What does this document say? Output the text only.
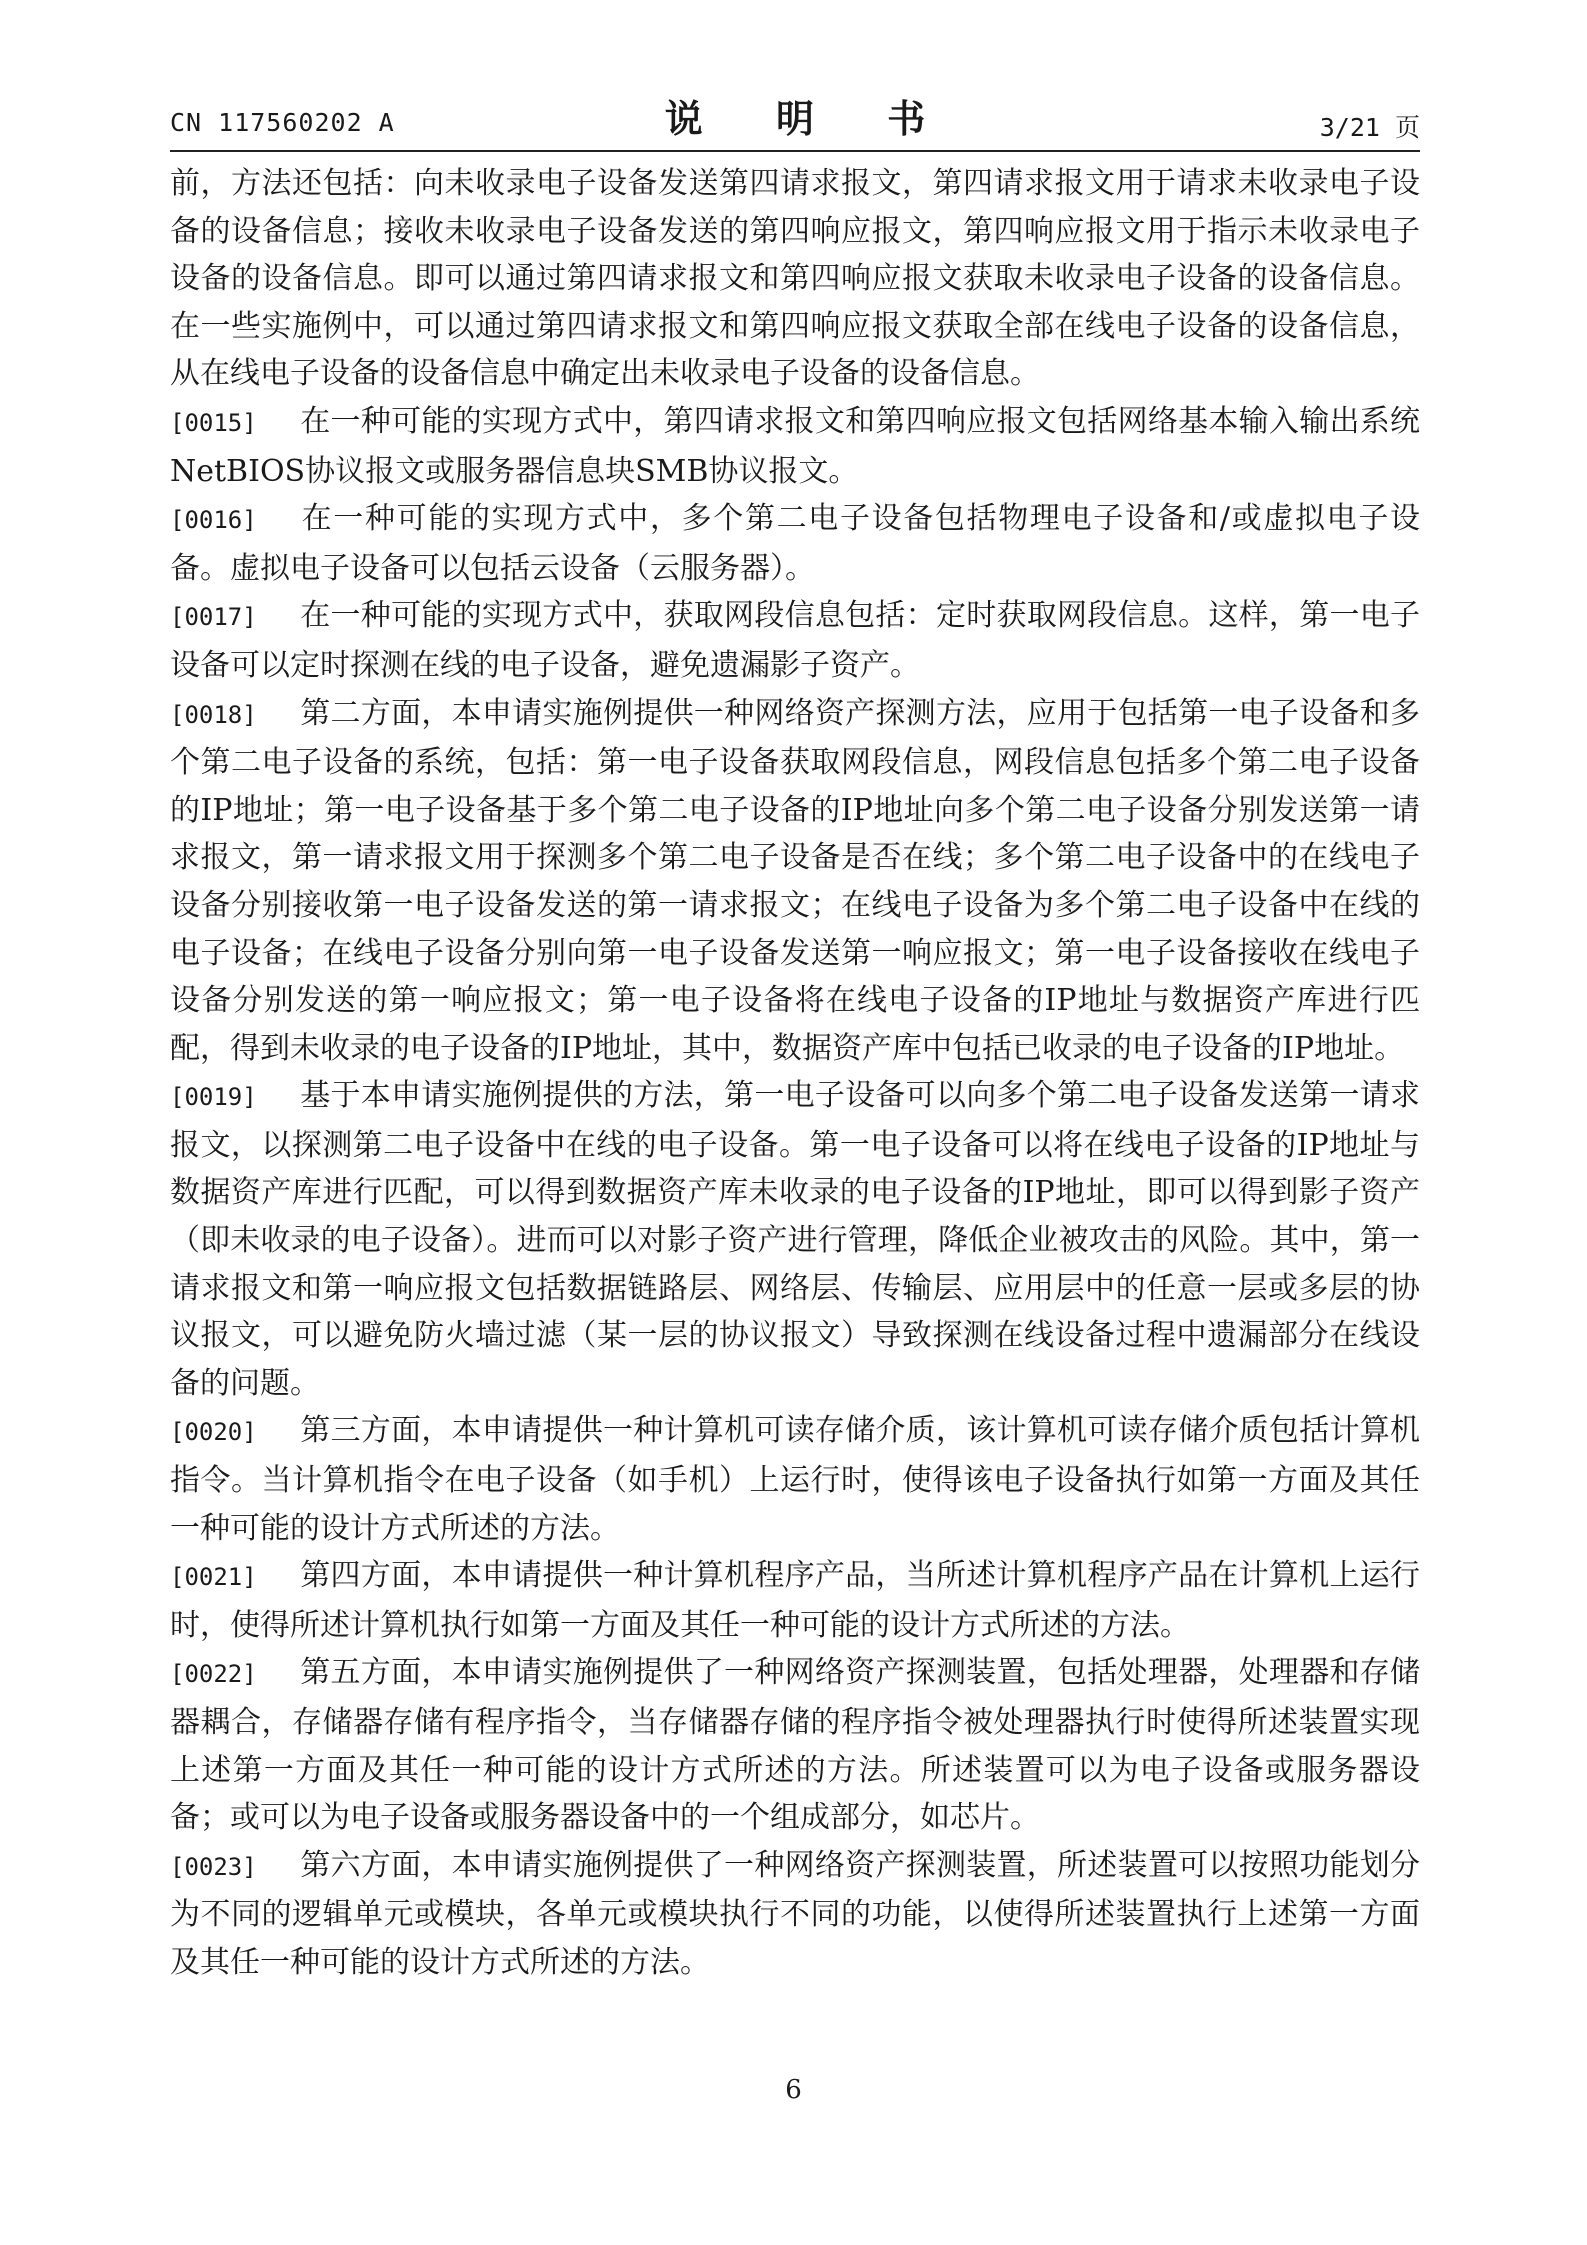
CN 117560202 A	说 明 书	3/21 页

前，方法还包括：向未收录电子设备发送第四请求报文，第四请求报文用于请求未收录电子设备的设备信息；接收未收录电子设备发送的第四响应报文，第四响应报文用于指示未收录电子设备的设备信息。即可以通过第四请求报文和第四响应报文获取未收录电子设备的设备信息。在一些实施例中，可以通过第四请求报文和第四响应报文获取全部在线电子设备的设备信息，从在线电子设备的设备信息中确定出未收录电子设备的设备信息。

[0015] 在一种可能的实现方式中，第四请求报文和第四响应报文包括网络基本输入输出系统NetBIOS协议报文或服务器信息块SMB协议报文。

[0016] 在一种可能的实现方式中，多个第二电子设备包括物理电子设备和/或虚拟电子设备。虚拟电子设备可以包括云设备（云服务器）。

[0017] 在一种可能的实现方式中，获取网段信息包括：定时获取网段信息。这样，第一电子设备可以定时探测在线的电子设备，避免遗漏影子资产。

[0018] 第二方面，本申请实施例提供一种网络资产探测方法，应用于包括第一电子设备和多个第二电子设备的系统，包括：第一电子设备获取网段信息，网段信息包括多个第二电子设备的IP地址；第一电子设备基于多个第二电子设备的IP地址向多个第二电子设备分别发送第一请求报文，第一请求报文用于探测多个第二电子设备是否在线；多个第二电子设备中的在线电子设备分别接收第一电子设备发送的第一请求报文；在线电子设备为多个第二电子设备中在线的电子设备；在线电子设备分别向第一电子设备发送第一响应报文；第一电子设备接收在线电子设备分别发送的第一响应报文；第一电子设备将在线电子设备的IP地址与数据资产库进行匹配，得到未收录的电子设备的IP地址，其中，数据资产库中包括已收录的电子设备的IP地址。

[0019] 基于本申请实施例提供的方法，第一电子设备可以向多个第二电子设备发送第一请求报文，以探测第二电子设备中在线的电子设备。第一电子设备可以将在线电子设备的IP地址与数据资产库进行匹配，可以得到数据资产库未收录的电子设备的IP地址，即可以得到影子资产（即未收录的电子设备）。进而可以对影子资产进行管理，降低企业被攻击的风险。其中，第一请求报文和第一响应报文包括数据链路层、网络层、传输层、应用层中的任意一层或多层的协议报文，可以避免防火墙过滤（某一层的协议报文）导致探测在线设备过程中遗漏部分在线设备的问题。

[0020] 第三方面，本申请提供一种计算机可读存储介质，该计算机可读存储介质包括计算机指令。当计算机指令在电子设备（如手机）上运行时，使得该电子设备执行如第一方面及其任一种可能的设计方式所述的方法。

[0021] 第四方面，本申请提供一种计算机程序产品，当所述计算机程序产品在计算机上运行时，使得所述计算机执行如第一方面及其任一种可能的设计方式所述的方法。

[0022] 第五方面，本申请实施例提供了一种网络资产探测装置，包括处理器，处理器和存储器耦合，存储器存储有程序指令，当存储器存储的程序指令被处理器执行时使得所述装置实现上述第一方面及其任一种可能的设计方式所述的方法。所述装置可以为电子设备或服务器设备；或可以为电子设备或服务器设备中的一个组成部分，如芯片。

[0023] 第六方面，本申请实施例提供了一种网络资产探测装置，所述装置可以按照功能划分为不同的逻辑单元或模块，各单元或模块执行不同的功能，以使得所述装置执行上述第一方面及其任一种可能的设计方式所述的方法。

6
